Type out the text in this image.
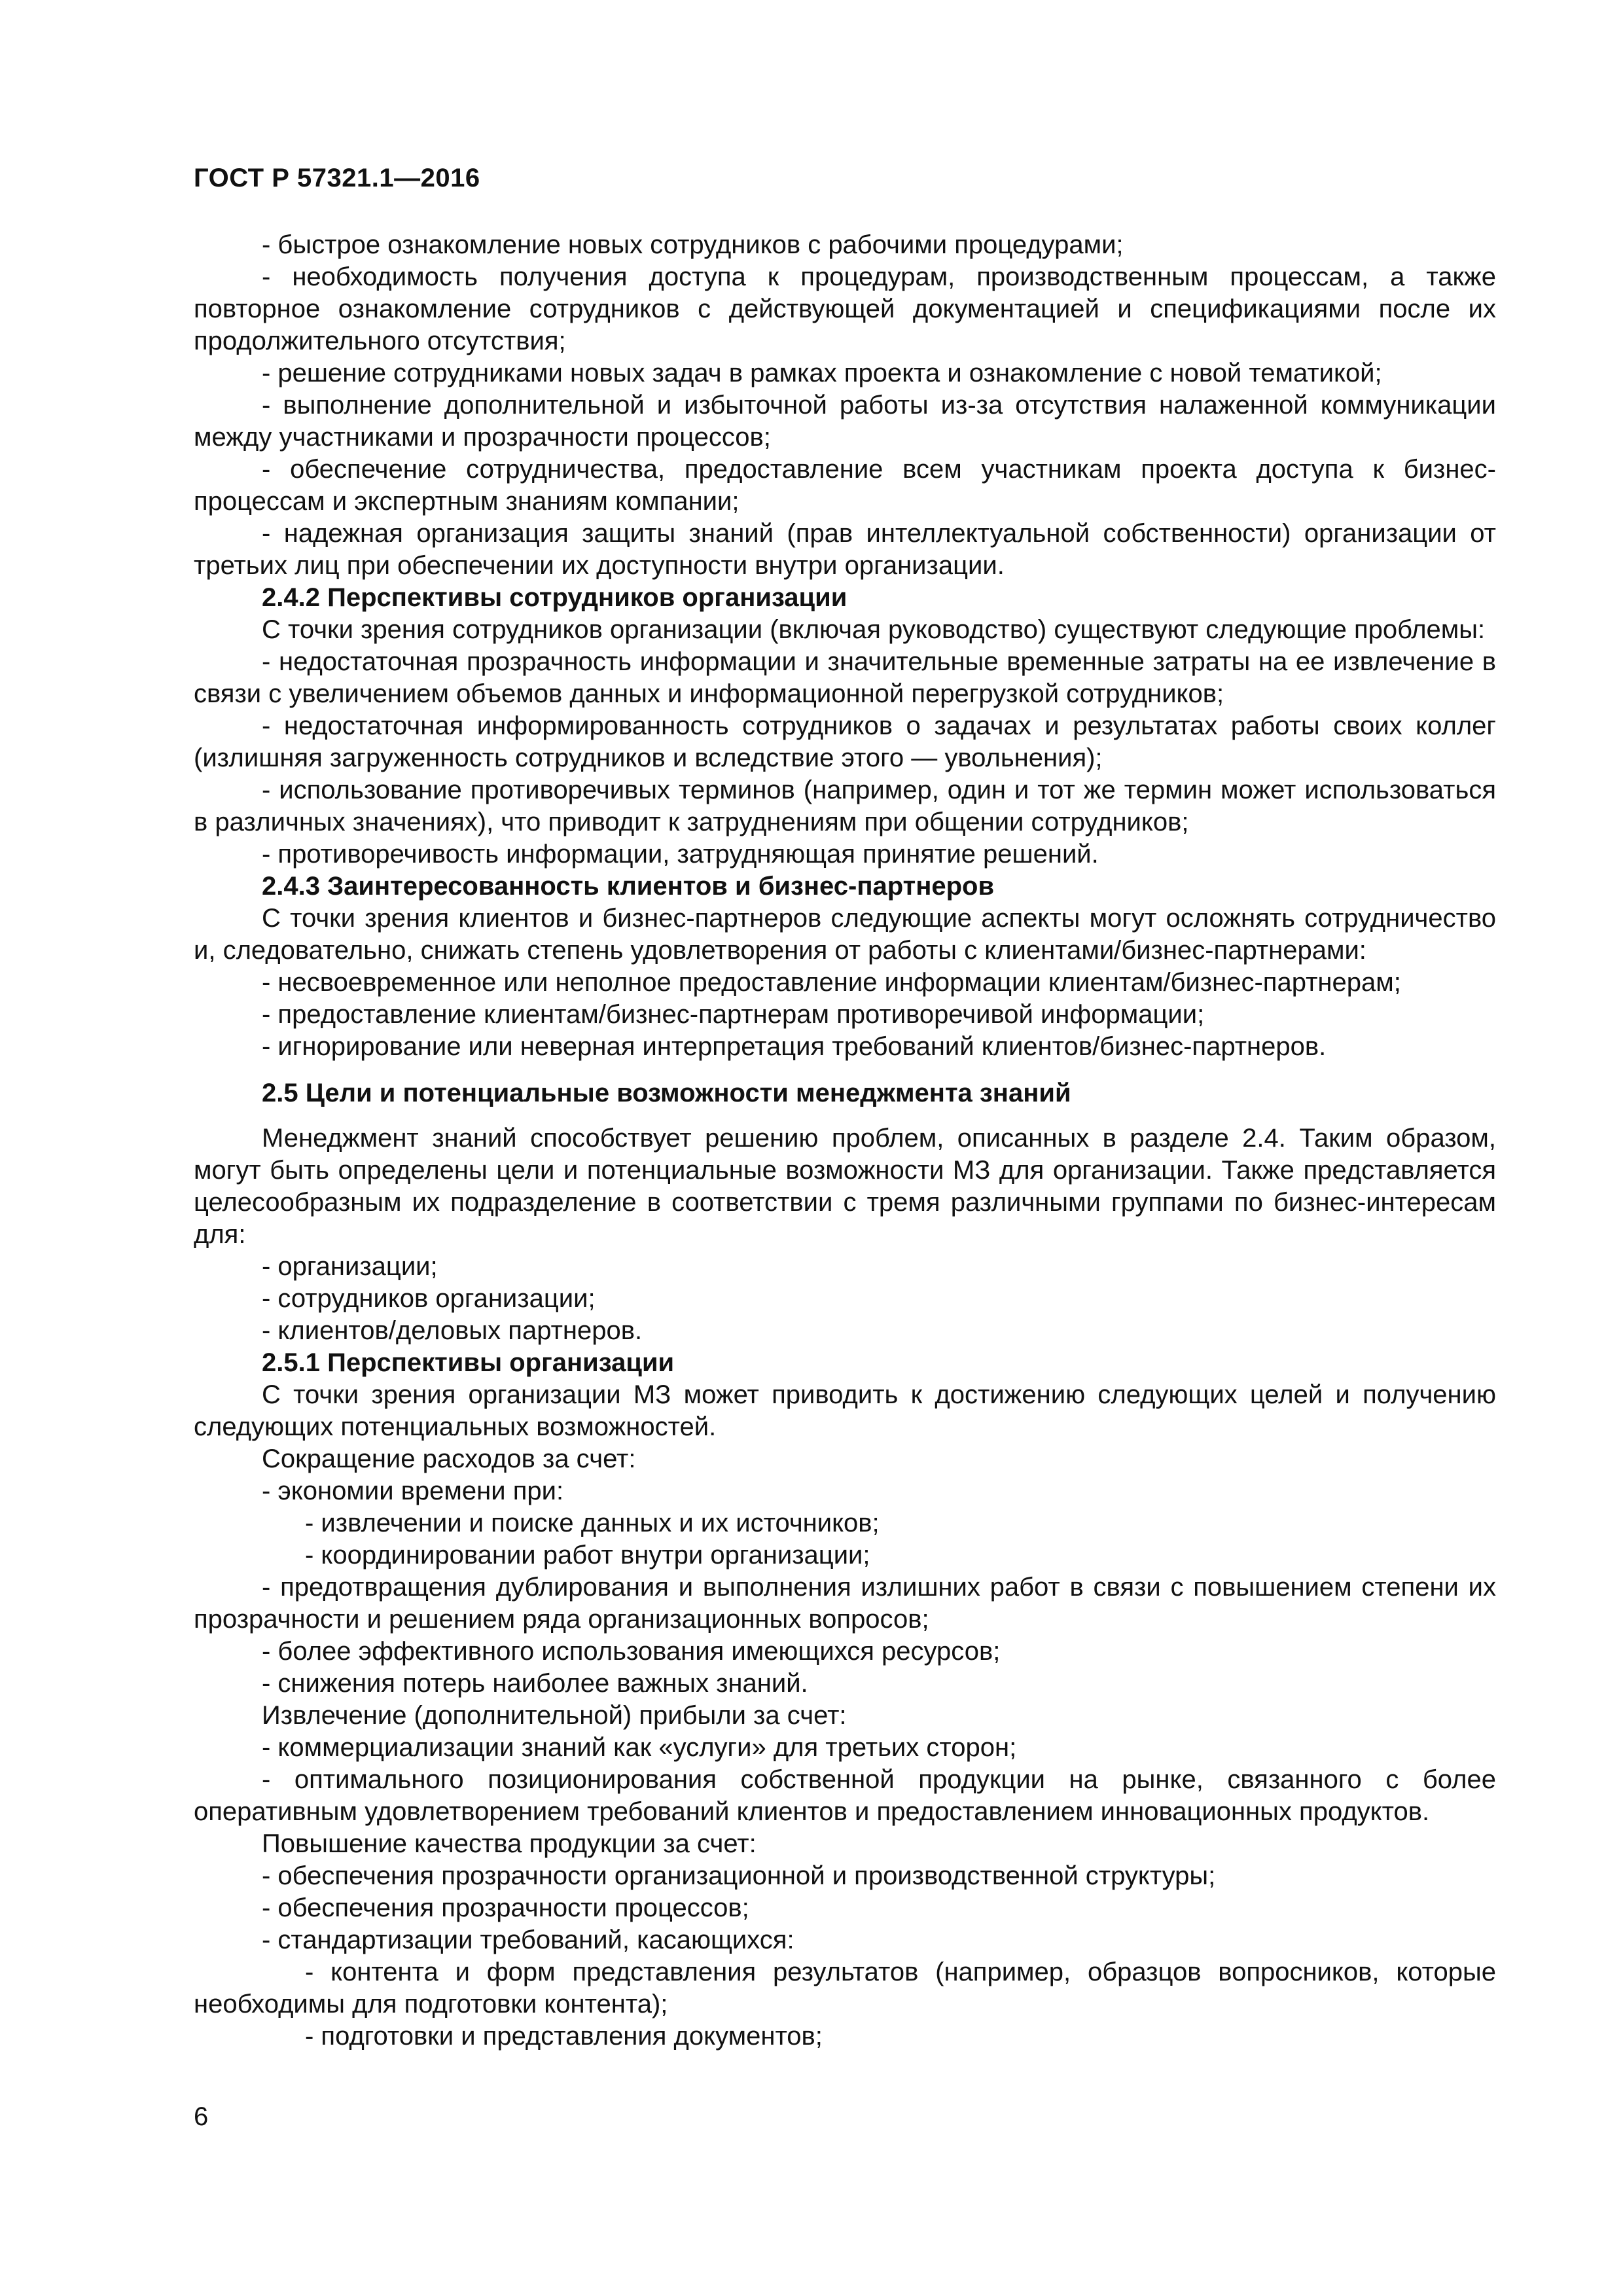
ГОСТ Р 57321.1—2016

- быстрое ознакомление новых сотрудников с рабочими процедурами;

- необходимость получения доступа к процедурам, производственным процессам, а также повторное ознакомление сотрудников с действующей документацией и спецификациями после их продолжительного отсутствия;

- решение сотрудниками новых задач в рамках проекта и ознакомление с новой тематикой;

- выполнение дополнительной и избыточной работы из-за отсутствия налаженной коммуникации между участниками и прозрачности процессов;

- обеспечение сотрудничества, предоставление всем участникам проекта доступа к бизнес-процессам и экспертным знаниям компании;

- надежная организация защиты знаний (прав интеллектуальной собственности) организации от третьих лиц при обеспечении их доступности внутри организации.

2.4.2 Перспективы сотрудников организации

С точки зрения сотрудников организации (включая руководство) существуют следующие проблемы:

- недостаточная прозрачность информации и значительные временные затраты на ее извлечение в связи с увеличением объемов данных и информационной перегрузкой сотрудников;

- недостаточная информированность сотрудников о задачах и результатах работы своих коллег (излишняя загруженность сотрудников и вследствие этого — увольнения);

- использование противоречивых терминов (например, один и тот же термин может использоваться в различных значениях), что приводит к затруднениям при общении сотрудников;

- противоречивость информации, затрудняющая принятие решений.

2.4.3 Заинтересованность клиентов и бизнес-партнеров

С точки зрения клиентов и бизнес-партнеров следующие аспекты могут осложнять сотрудничество и, следовательно, снижать степень удовлетворения от работы с клиентами/бизнес-партнерами:

- несвоевременное или неполное предоставление информации клиентам/бизнес-партнерам;

- предоставление клиентам/бизнес-партнерам противоречивой информации;

- игнорирование или неверная интерпретация требований клиентов/бизнес-партнеров.

2.5 Цели и потенциальные возможности менеджмента знаний

Менеджмент знаний способствует решению проблем, описанных в разделе 2.4. Таким образом, могут быть определены цели и потенциальные возможности МЗ для организации. Также представляется целесообразным их подразделение в соответствии с тремя различными группами по бизнес-интересам для:

- организации;

- сотрудников организации;

- клиентов/деловых партнеров.

2.5.1 Перспективы организации

С точки зрения организации МЗ может приводить к достижению следующих целей и получению следующих потенциальных возможностей.

Сокращение расходов за счет:

- экономии времени при:

- извлечении и поиске данных и их источников;

- координировании работ внутри организации;

- предотвращения дублирования и выполнения излишних работ в связи с повышением степени их прозрачности и решением ряда организационных вопросов;

- более эффективного использования имеющихся ресурсов;

- снижения потерь наиболее важных знаний.

Извлечение (дополнительной) прибыли за счет:

- коммерциализации знаний как «услуги» для третьих сторон;

- оптимального позиционирования собственной продукции на рынке, связанного с более оперативным удовлетворением требований клиентов и предоставлением инновационных продуктов.

Повышение качества продукции за счет:

- обеспечения прозрачности организационной и производственной структуры;

- обеспечения прозрачности процессов;

- стандартизации требований, касающихся:

- контента и форм представления результатов (например, образцов вопросников, которые необходимы для подготовки контента);

- подготовки и представления документов;

6
